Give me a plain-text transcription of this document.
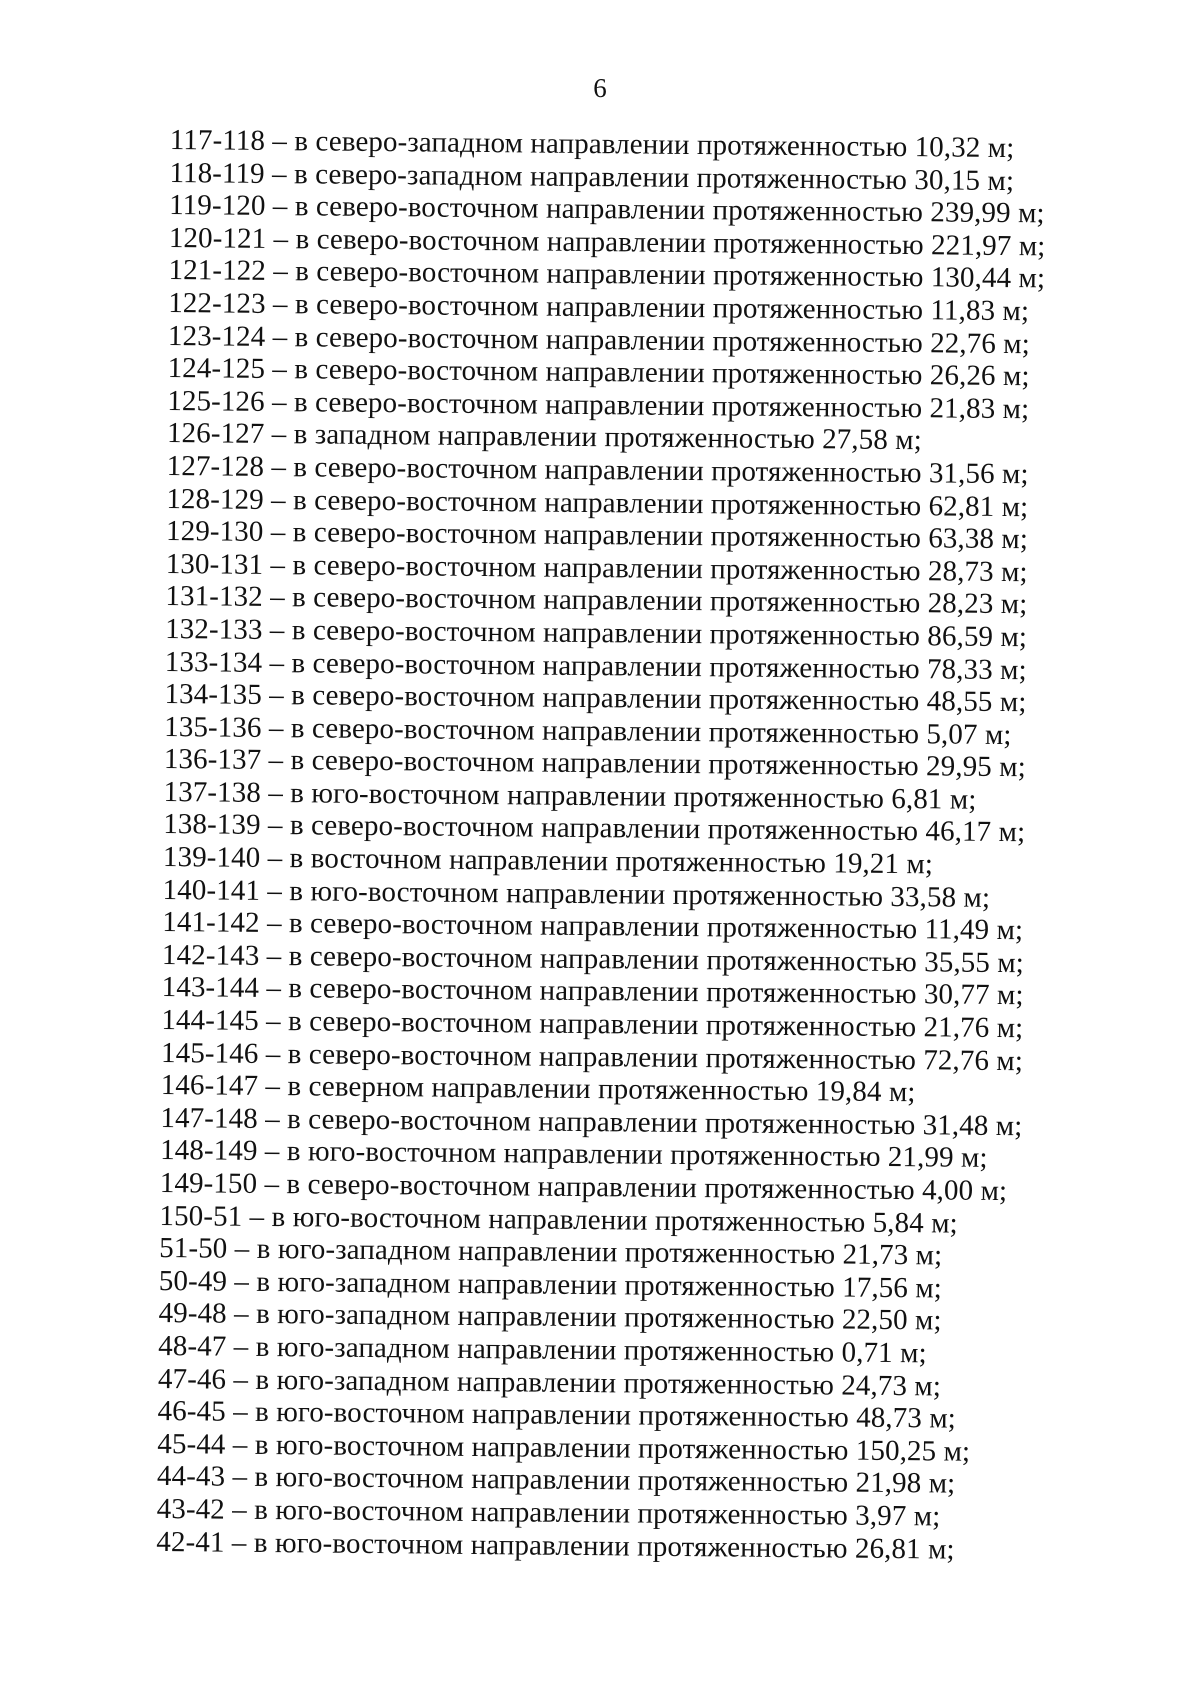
6
117-118 – в северо-западном направлении протяженностью 10,32 м;
118-119 – в северо-западном направлении протяженностью 30,15 м;
119-120 – в северо-восточном направлении протяженностью 239,99 м;
120-121 – в северо-восточном направлении протяженностью 221,97 м;
121-122 – в северо-восточном направлении протяженностью 130,44 м;
122-123 – в северо-восточном направлении протяженностью 11,83 м;
123-124 – в северо-восточном направлении протяженностью 22,76 м;
124-125 – в северо-восточном направлении протяженностью 26,26 м;
125-126 – в северо-восточном направлении протяженностью 21,83 м;
126-127 – в западном направлении протяженностью 27,58 м;
127-128 – в северо-восточном направлении протяженностью 31,56 м;
128-129 – в северо-восточном направлении протяженностью 62,81 м;
129-130 – в северо-восточном направлении протяженностью 63,38 м;
130-131 – в северо-восточном направлении протяженностью 28,73 м;
131-132 – в северо-восточном направлении протяженностью 28,23 м;
132-133 – в северо-восточном направлении протяженностью 86,59 м;
133-134 – в северо-восточном направлении протяженностью 78,33 м;
134-135 – в северо-восточном направлении протяженностью 48,55 м;
135-136 – в северо-восточном направлении протяженностью 5,07 м;
136-137 – в северо-восточном направлении протяженностью 29,95 м;
137-138 – в юго-восточном направлении протяженностью 6,81 м;
138-139 – в северо-восточном направлении протяженностью 46,17 м;
139-140 – в восточном направлении протяженностью 19,21 м;
140-141 – в юго-восточном направлении протяженностью 33,58 м;
141-142 – в северо-восточном направлении протяженностью 11,49 м;
142-143 – в северо-восточном направлении протяженностью 35,55 м;
143-144 – в северо-восточном направлении протяженностью 30,77 м;
144-145 – в северо-восточном направлении протяженностью 21,76 м;
145-146 – в северо-восточном направлении протяженностью 72,76 м;
146-147 – в северном направлении протяженностью 19,84 м;
147-148 – в северо-восточном направлении протяженностью 31,48 м;
148-149 – в юго-восточном направлении протяженностью 21,99 м;
149-150 – в северо-восточном направлении протяженностью 4,00 м;
150-51 – в юго-восточном направлении протяженностью 5,84 м;
51-50 – в юго-западном направлении протяженностью 21,73 м;
50-49 – в юго-западном направлении протяженностью 17,56 м;
49-48 – в юго-западном направлении протяженностью 22,50 м;
48-47 – в юго-западном направлении протяженностью 0,71 м;
47-46 – в юго-западном направлении протяженностью 24,73 м;
46-45 – в юго-восточном направлении протяженностью 48,73 м;
45-44 – в юго-восточном направлении протяженностью 150,25 м;
44-43 – в юго-восточном направлении протяженностью 21,98 м;
43-42 – в юго-восточном направлении протяженностью 3,97 м;
42-41 – в юго-восточном направлении протяженностью 26,81 м;
